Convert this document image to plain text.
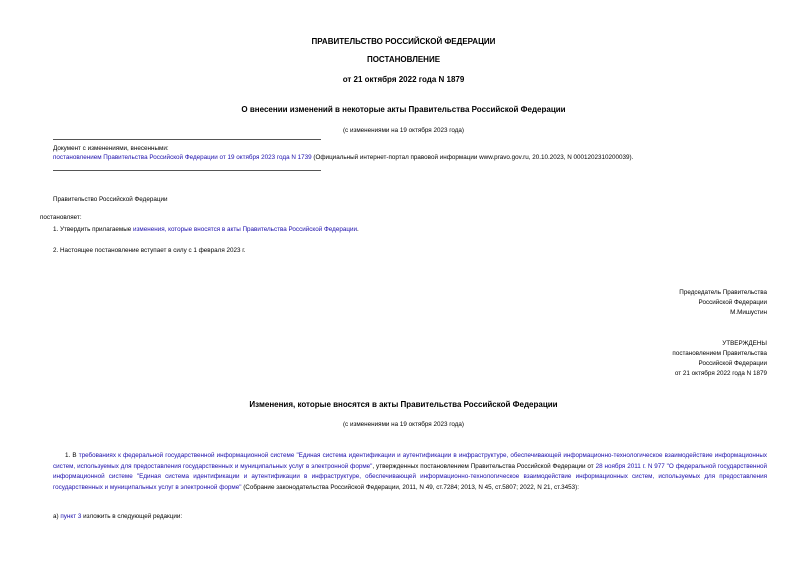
ПРАВИТЕЛЬСТВО РОССИЙСКОЙ ФЕДЕРАЦИИ
ПОСТАНОВЛЕНИЕ
от 21 октября 2022 года N 1879
О внесении изменений в некоторые акты Правительства Российской Федерации
(с изменениями на 19 октября 2023 года)
Документ с изменениями, внесенными:
постановлением Правительства Российской Федерации от 19 октября 2023 года N 1739 (Официальный интернет-портал правовой информации www.pravo.gov.ru, 20.10.2023, N 0001202310200039).
Правительство Российской Федерации
постановляет:
1. Утвердить прилагаемые изменения, которые вносятся в акты Правительства Российской Федерации.
2. Настоящее постановление вступает в силу с 1 февраля 2023 г.
Председатель Правительства
Российской Федерации
М.Мишустин
УТВЕРЖДЕНЫ
постановлением Правительства
Российской Федерации
от 21 октября 2022 года N 1879
Изменения, которые вносятся в акты Правительства Российской Федерации
(с изменениями на 19 октября 2023 года)
1. В требованиях к федеральной государственной информационной системе "Единая система идентификации и аутентификации в инфраструктуре, обеспечивающей информационно-технологическое взаимодействие информационных систем, используемых для предоставления государственных и муниципальных услуг в электронной форме", утвержденных постановлением Правительства Российской Федерации от 28 ноября 2011 г. N 977 "О федеральной государственной информационной системе "Единая система идентификации и аутентификации в инфраструктуре, обеспечивающей информационно-технологическое взаимодействие информационных систем, используемых для предоставления государственных и муниципальных услуг в электронной форме" (Собрание законодательства Российской Федерации, 2011, N 49, ст.7284; 2013, N 45, ст.5807; 2022, N 21, ст.3453):
а) пункт 3 изложить в следующей редакции:
